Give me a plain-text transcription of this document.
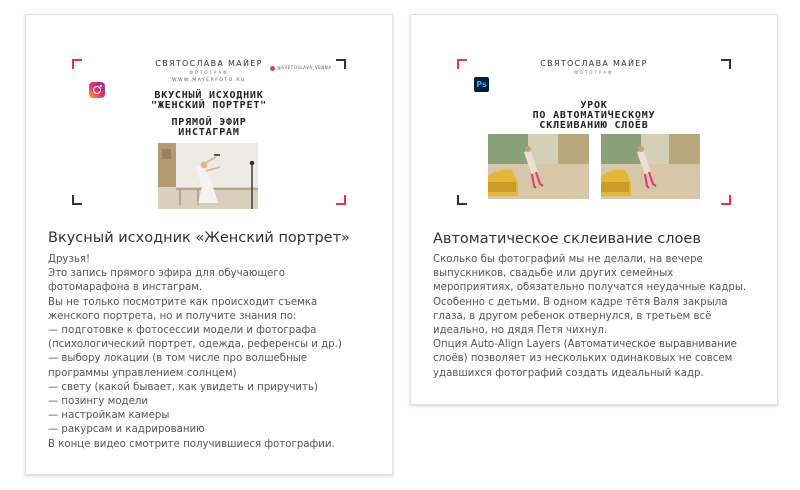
СВЯТОСЛАВА МАЙЕР
ФОТОГРАФ
WWW.MAYERFOTO.RU
@SVETOSLAVA_VENNA
ВКУСНЫЙ ИСХОДНИК
"ЖЕНСКИЙ ПОРТРЕТ"
ПРЯМОЙ ЭФИР
ИНСТАГРАМ
Вкусный исходник «Женский портрет»
Друзья!
Это запись прямого эфира для обучающего
фотомарафона в инстаграм.
Вы не только посмотрите как происходит съемка
женского портрета, но и получите знания по:
— подготовке к фотосессии модели и фотографа
(психологический портрет, одежда, референсы и др.)
— выбору локации (в том числе про волшебные
программы управлением солнцем)
— свету (какой бывает, как увидеть и приручить)
— позингу модели
— настройкам камеры
— ракурсам и кадрированию
В конце видео смотрите получившиеся фотографии.
СВЯТОСЛАВА МАЙЕР
ФОТОГРАФ
Ps
УРОК
ПО АВТОМАТИЧЕСКОМУ
СКЛЕИВАНИЮ СЛОЁВ
Автоматическое склеивание слоев
Сколько бы фотографий мы не делали, на вечере
выпускников, свадьбе или других семейных
мероприятиях, обязательно получатся неудачные кадры.
Особенно с детьми. В одном кадре тётя Валя закрыла
глаза, в другом ребенок отвернулся, в третьем всё
идеально, но дядя Петя чихнул.
Опция Auto-Align Layers (Автоматическое выравнивание
слоёв) позволяет из нескольких одинаковых не совсем
удавшихся фотографий создать идеальный кадр.
